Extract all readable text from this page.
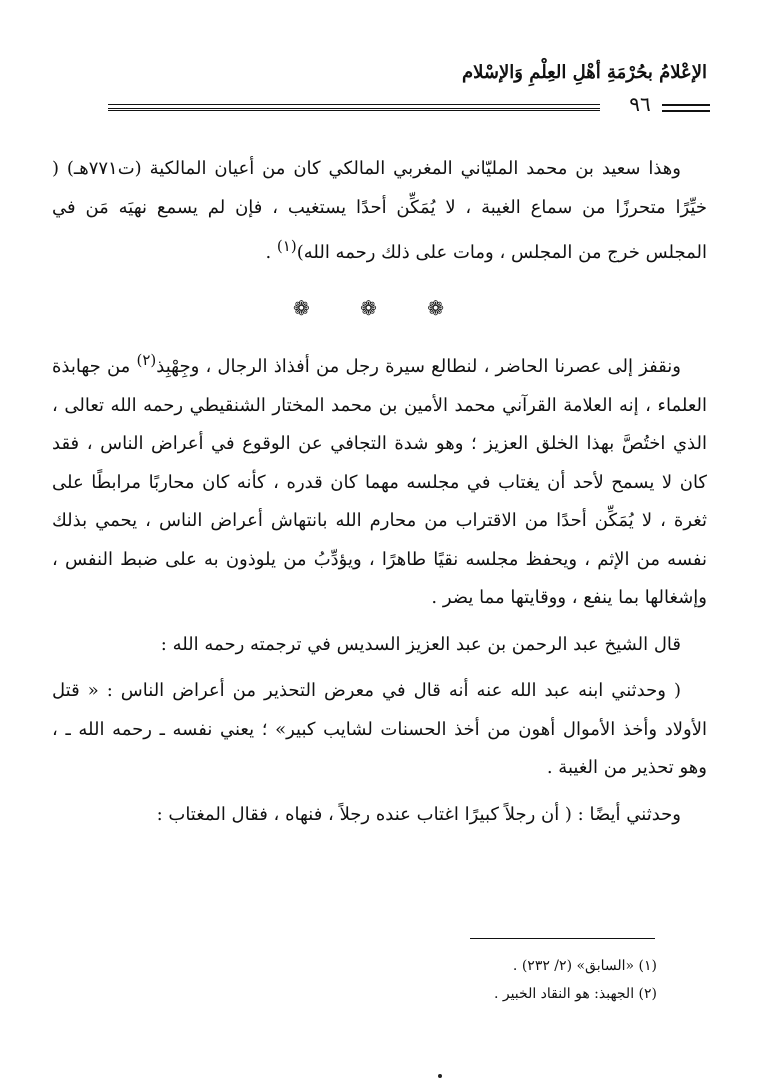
الإعْلامُ بحُرْمَةِ أهْلِ العِلْمِ وَالإسْلام
٩٦

وهذا سعيد بن محمد المليّاني المغربي المالكي كان من أعيان المالكية (ت٧٧١هـ) ( خيِّرًا متحرزًا من سماع الغيبة ، لا يُمَكِّن أحدًا يستغيب ، فإن لم يسمع نهيَه مَن في المجلس خرج من المجلس ، ومات على ذلك رحمه الله)$^{(١)}$ .

❁ ❁ ❁

ونقفز إلى عصرنا الحاضر ، لنطالع سيرة رجل من أفذاذ الرجال ، وجِهْبِذ$^{(٢)}$ من جهابذة العلماء ، إنه العلامة القرآني محمد الأمين بن محمد المختار الشنقيطي رحمه الله تعالى ، الذي اختُصَّ بهذا الخلق العزيز ؛ وهو شدة التجافي عن الوقوع في أعراض الناس ، فقد كان لا يسمح لأحد أن يغتاب في مجلسه مهما كان قدره ، كأنه كان محاربًا مرابطًا على ثغرة ، لا يُمَكِّن أحدًا من الاقتراب من محارم الله بانتهاش أعراض الناس ، يحمي بذلك نفسه من الإثم ، ويحفظ مجلسه نقيًا طاهرًا ، ويؤدِّبُ من يلوذون به على ضبط النفس ، وإشغالها بما ينفع ، ووقايتها مما يضر .

قال الشيخ عبد الرحمن بن عبد العزيز السديس في ترجمته رحمه الله :

( وحدثني ابنه عبد الله عنه أنه قال في معرض التحذير من أعراض الناس : « قتل الأولاد وأخذ الأموال أهون من أخذ الحسنات لشايب كبير» ؛ يعني نفسه ـ رحمه الله ـ ، وهو تحذير من الغيبة .

وحدثني أيضًا : ( أن رجلاً كبيرًا اغتاب عنده رجلاً ، فنهاه ، فقال المغتاب :

(١) «السابق» (٢/ ٢٣٢) .

(٢) الجهبذ: هو النقاد الخبير .
